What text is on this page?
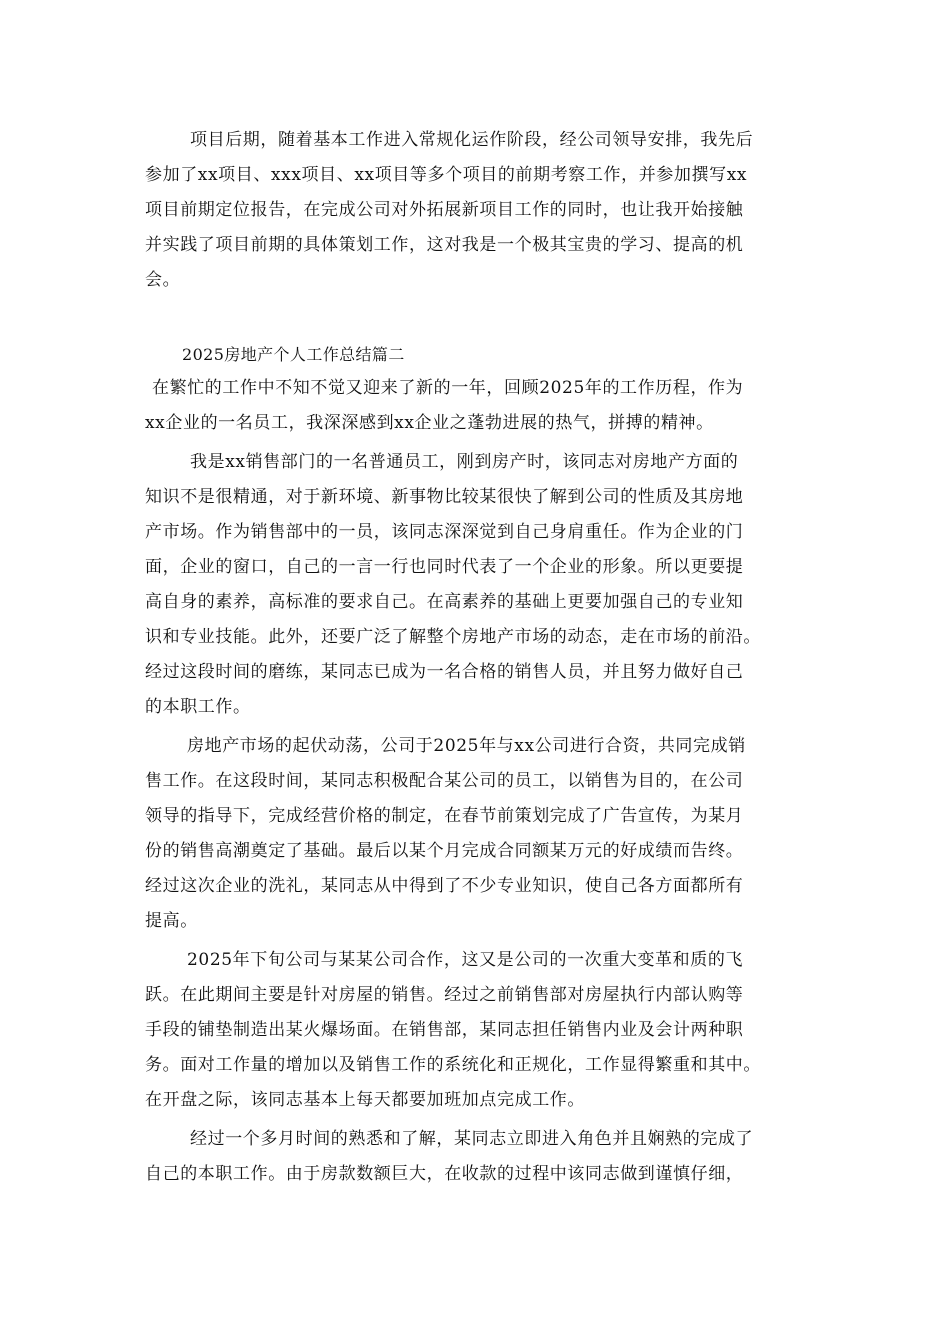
项目后期，随着基本工作进入常规化运作阶段，经公司领导安排，我先后
参加了xx项目、xxx项目、xx项目等多个项目的前期考察工作，并参加撰写xx
项目前期定位报告，在完成公司对外拓展新项目工作的同时，也让我开始接触
并实践了项目前期的具体策划工作，这对我是一个极其宝贵的学习、提高的机
会。
2025房地产个人工作总结篇二
在繁忙的工作中不知不觉又迎来了新的一年，回顾2025年的工作历程，作为
xx企业的一名员工，我深深感到xx企业之蓬勃进展的热气，拼搏的精神。
我是xx销售部门的一名普通员工，刚到房产时，该同志对房地产方面的
知识不是很精通，对于新环境、新事物比较某很快了解到公司的性质及其房地
产市场。作为销售部中的一员，该同志深深觉到自己身肩重任。作为企业的门
面，企业的窗口，自己的一言一行也同时代表了一个企业的形象。所以更要提
高自身的素养，高标准的要求自己。在高素养的基础上更要加强自己的专业知
识和专业技能。此外，还要广泛了解整个房地产市场的动态，走在市场的前沿。
经过这段时间的磨练，某同志已成为一名合格的销售人员，并且努力做好自己
的本职工作。
房地产市场的起伏动荡，公司于2025年与xx公司进行合资，共同完成销
售工作。在这段时间，某同志积极配合某公司的员工，以销售为目的，在公司
领导的指导下，完成经营价格的制定，在春节前策划完成了广告宣传，为某月
份的销售高潮奠定了基础。最后以某个月完成合同额某万元的好成绩而告终。
经过这次企业的洗礼，某同志从中得到了不少专业知识，使自己各方面都所有
提高。
2025年下旬公司与某某公司合作，这又是公司的一次重大变革和质的飞
跃。在此期间主要是针对房屋的销售。经过之前销售部对房屋执行内部认购等
手段的铺垫制造出某火爆场面。在销售部，某同志担任销售内业及会计两种职
务。面对工作量的增加以及销售工作的系统化和正规化，工作显得繁重和其中。
在开盘之际，该同志基本上每天都要加班加点完成工作。
经过一个多月时间的熟悉和了解，某同志立即进入角色并且娴熟的完成了
自己的本职工作。由于房款数额巨大，在收款的过程中该同志做到谨慎仔细，
